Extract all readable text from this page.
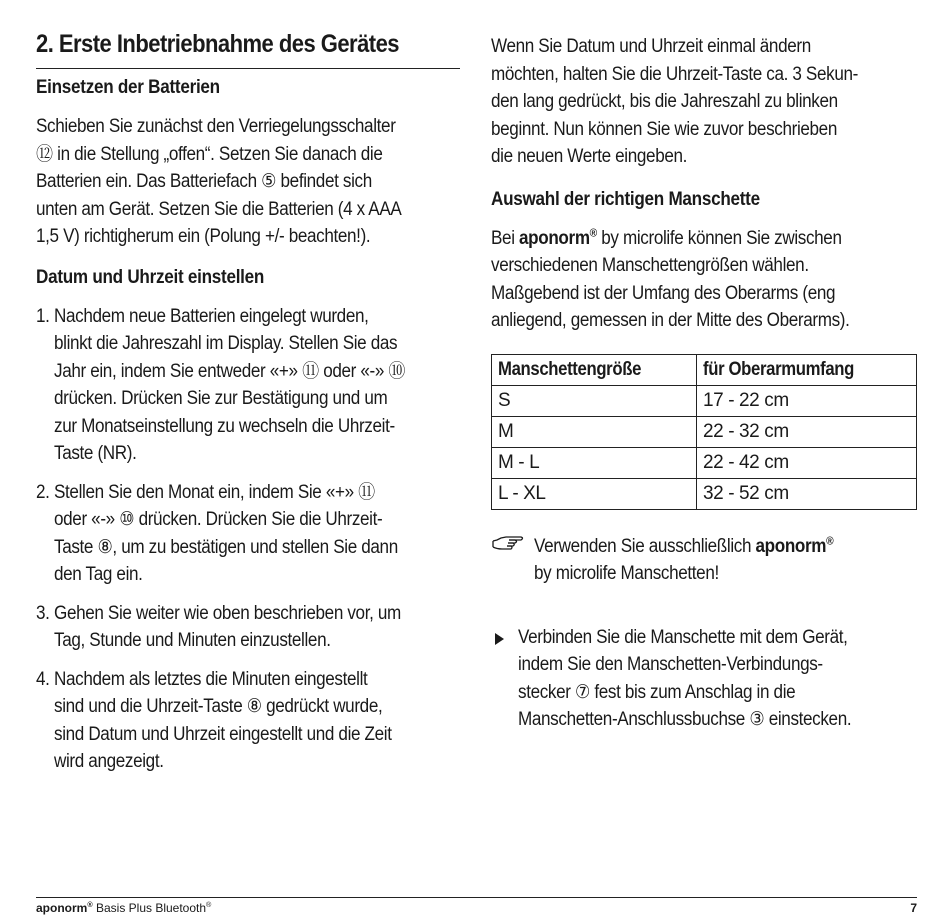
2. Erste Inbetriebnahme des Gerätes
Einsetzen der Batterien

Schieben Sie zunächst den Verriegelungsschalter

⑫ in die Stellung „offen“. Setzen Sie danach die

Batterien ein. Das Batteriefach ⑤ befindet sich

unten am Gerät. Setzen Sie die Batterien (4 x AAA

1,5 V) richtigherum ein (Polung +/- beachten!).

Datum und Uhrzeit einstellen
1. Nachdem neue Batterien eingelegt wurden,

blinkt die Jahreszahl im Display. Stellen Sie das

Jahr ein, indem Sie entweder «+» ⑪ oder «-» ⑩

drücken. Drücken Sie zur Bestätigung und um

zur Monatseinstellung zu wechseln die Uhrzeit-

Taste (NR).

2. Stellen Sie den Monat ein, indem Sie «+» ⑪

oder «-» ⑩ drücken. Drücken Sie die Uhrzeit-

Taste ⑧, um zu bestätigen und stellen Sie dann

den Tag ein.

3. Gehen Sie weiter wie oben beschrieben vor, um

Tag, Stunde und Minuten einzustellen.

4. Nachdem als letztes die Minuten eingestellt

sind und die Uhrzeit-Taste ⑧ gedrückt wurde,

sind Datum und Uhrzeit eingestellt und die Zeit

wird angezeigt.

Wenn Sie Datum und Uhrzeit einmal ändern

möchten, halten Sie die Uhrzeit-Taste ca. 3 Sekun-

den lang gedrückt, bis die Jahreszahl zu blinken

beginnt. Nun können Sie wie zuvor beschrieben

die neuen Werte eingeben.

Auswahl der richtigen Manschette

Bei aponorm® by microlife können Sie zwischen

verschiedenen Manschettengrößen wählen.

Maßgebend ist der Umfang des Oberarms (eng

anliegend, gemessen in der Mitte des Oberarms).

Manschettengröße	für Oberarmumfang
S	17 - 22 cm
M	22 - 32 cm
M - L	22 - 42 cm
L - XL	32 - 52 cm

Verwenden Sie ausschließlich aponorm®

by microlife Manschetten!

Verbinden Sie die Manschette mit dem Gerät,

indem Sie den Manschetten-Verbindungs-

stecker ⑦ fest bis zum Anschlag in die

Manschetten-Anschlussbuchse ③ einstecken.

aponorm® Basis Plus Bluetooth®	7
